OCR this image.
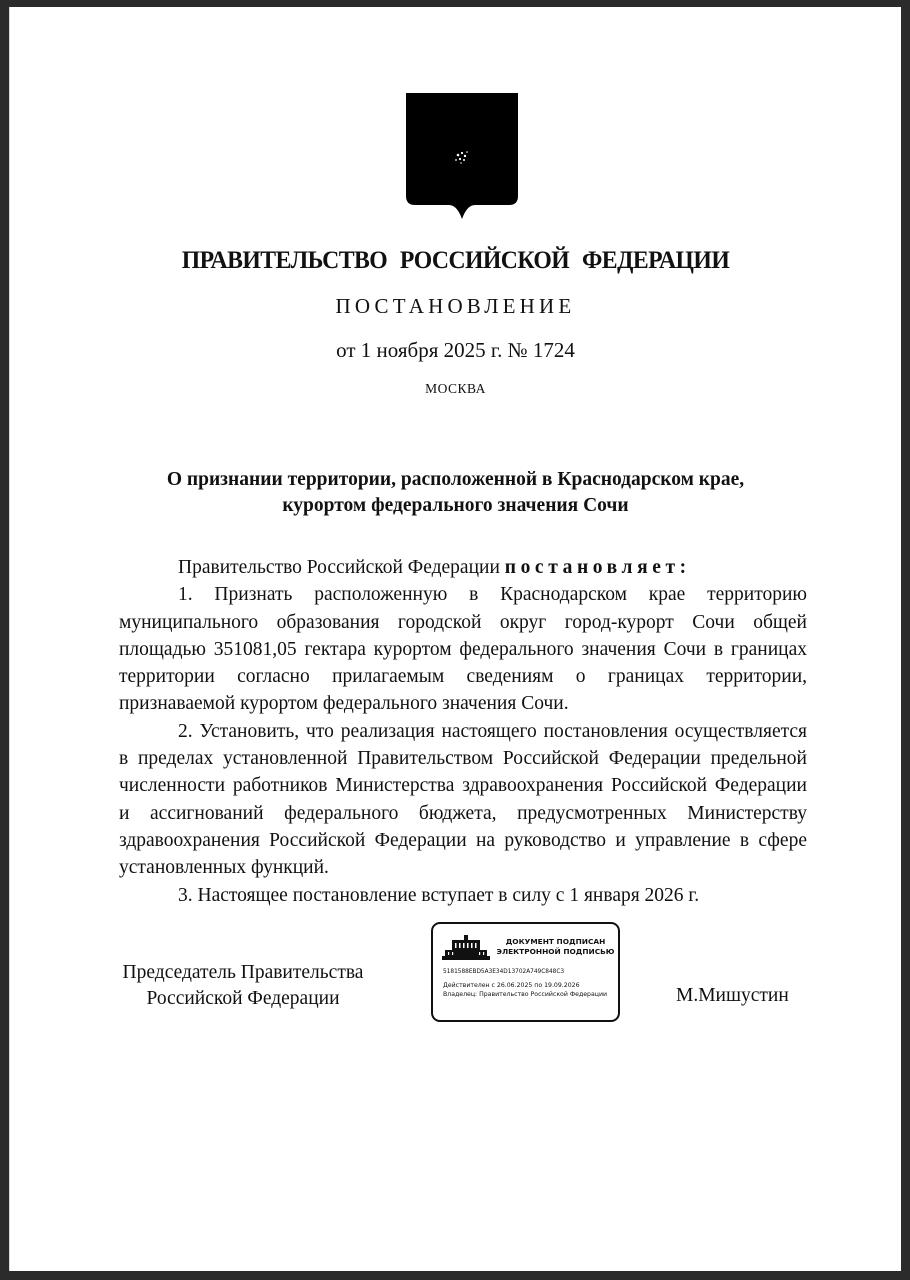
ПРАВИТЕЛЬСТВО РОССИЙСКОЙ ФЕДЕРАЦИИ
ПОСТАНОВЛЕНИЕ
от 1 ноября 2025 г. № 1724
МОСКВА
О признании территории, расположенной в Краснодарском крае,
курортом федерального значения Сочи

Правительство Российской Федерации постановляет:

1. Признать расположенную в Краснодарском крае территорию муниципального образования городской округ город-курорт Сочи общей площадью 351081,05 гектара курортом федерального значения Сочи в границах территории согласно прилагаемым сведениям о границах территории, признаваемой курортом федерального значения Сочи.

2. Установить, что реализация настоящего постановления осуществляется в пределах установленной Правительством Российской Федерации предельной численности работников Министерства здравоохранения Российской Федерации и ассигнований федерального бюджета, предусмотренных Министерству здравоохранения Российской Федерации на руководство и управление в сфере установленных функций.

3. Настоящее постановление вступает в силу с 1 января 2026 г.

Председатель Правительства
Российской Федерации
ДОКУМЕНТ ПОДПИСАН
ЭЛЕКТРОННОЙ ПОДПИСЬЮ
5181588EBD5A3E34D13702A749C848C3
Действителен с 26.06.2025 по 19.09.2026
Владелец: Правительство Российской Федерации	М.Мишустин
